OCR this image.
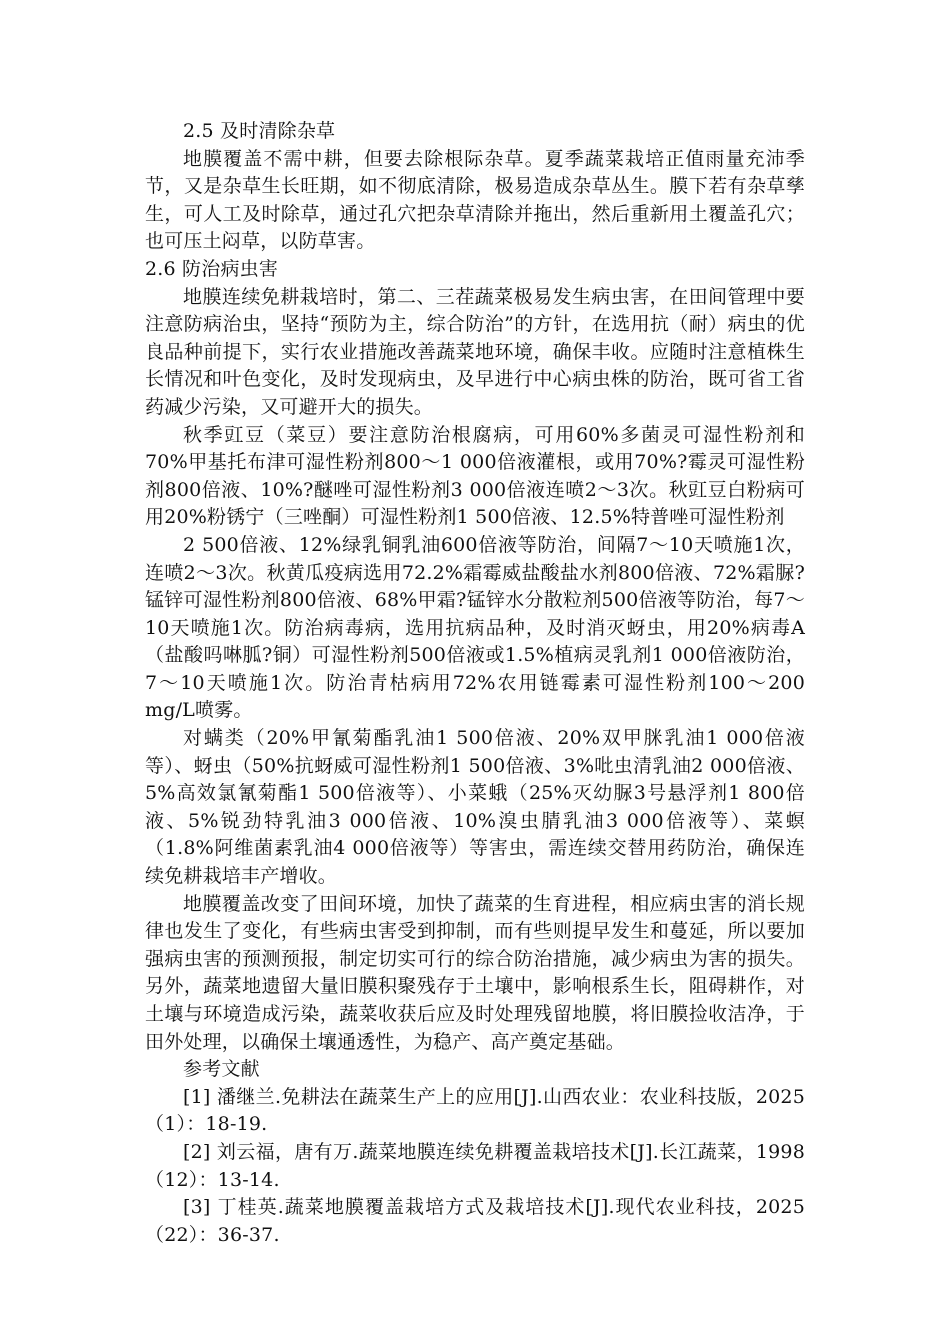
2.5 及时清除杂草
地膜覆盖不需中耕，但要去除根际杂草。夏季蔬菜栽培正值雨量充沛季节，又是杂草生长旺期，如不彻底清除，极易造成杂草丛生。膜下若有杂草孳生，可人工及时除草，通过孔穴把杂草清除并拖出，然后重新用土覆盖孔穴；也可压土闷草，以防草害。
2.6 防治病虫害
地膜连续免耕栽培时，第二、三茬蔬菜极易发生病虫害，在田间管理中要注意防病治虫，坚持“预防为主，综合防治”的方针，在选用抗（耐）病虫的优良品种前提下，实行农业措施改善蔬菜地环境，确保丰收。应随时注意植株生长情况和叶色变化，及时发现病虫，及早进行中心病虫株的防治，既可省工省药减少污染，又可避开大的损失。
秋季豇豆（菜豆）要注意防治根腐病，可用60%多菌灵可湿性粉剂和70%甲基托布津可湿性粉剂800～1 000倍液灌根，或用70%?霉灵可湿性粉剂800倍液、10%?醚唑可湿性粉剂3 000倍液连喷2～3次。秋豇豆白粉病可用20%粉锈宁（三唑酮）可湿性粉剂1 500倍液、12.5%特普唑可湿性粉剂
2 500倍液、12%绿乳铜乳油600倍液等防治，间隔7～10天喷施1次，连喷2～3次。秋黄瓜疫病选用72.2%霜霉威盐酸盐水剂800倍液、72%霜脲?锰锌可湿性粉剂800倍液、68%甲霜?锰锌水分散粒剂500倍液等防治，每7～10天喷施1次。防治病毒病，选用抗病品种，及时消灭蚜虫，用20%病毒A（盐酸吗啉胍?铜）可湿性粉剂500倍液或1.5%植病灵乳剂1 000倍液防治，7～10天喷施1次。防治青枯病用72%农用链霉素可湿性粉剂100～200 mg/L喷雾。
对螨类（20%甲氰菊酯乳油1 500倍液、20%双甲脒乳油1 000倍液等）、蚜虫（50%抗蚜威可湿性粉剂1 500倍液、3%吡虫清乳油2 000倍液、5%高效氯氰菊酯1 500倍液等）、小菜蛾（25%灭幼脲3号悬浮剂1 800倍液、5%锐劲特乳油3 000倍液、10%溴虫腈乳油3 000倍液等）、菜螟（1.8%阿维菌素乳油4 000倍液等）等害虫，需连续交替用药防治，确保连续免耕栽培丰产增收。
地膜覆盖改变了田间环境，加快了蔬菜的生育进程，相应病虫害的消长规律也发生了变化，有些病虫害受到抑制，而有些则提早发生和蔓延，所以要加强病虫害的预测预报，制定切实可行的综合防治措施，减少病虫为害的损失。另外，蔬菜地遗留大量旧膜积聚残存于土壤中，影响根系生长，阻碍耕作，对土壤与环境造成污染，蔬菜收获后应及时处理残留地膜，将旧膜捡收洁净，于田外处理，以确保土壤通透性，为稳产、高产奠定基础。
参考文献
[1] 潘继兰.免耕法在蔬菜生产上的应用[J].山西农业：农业科技版，2025（1）：18-19.
[2] 刘云福，唐有万.蔬菜地膜连续免耕覆盖栽培技术[J].长江蔬菜，1998（12）：13-14.
[3] 丁桂英.蔬菜地膜覆盖栽培方式及栽培技术[J].现代农业科技，2025（22）：36-37.
